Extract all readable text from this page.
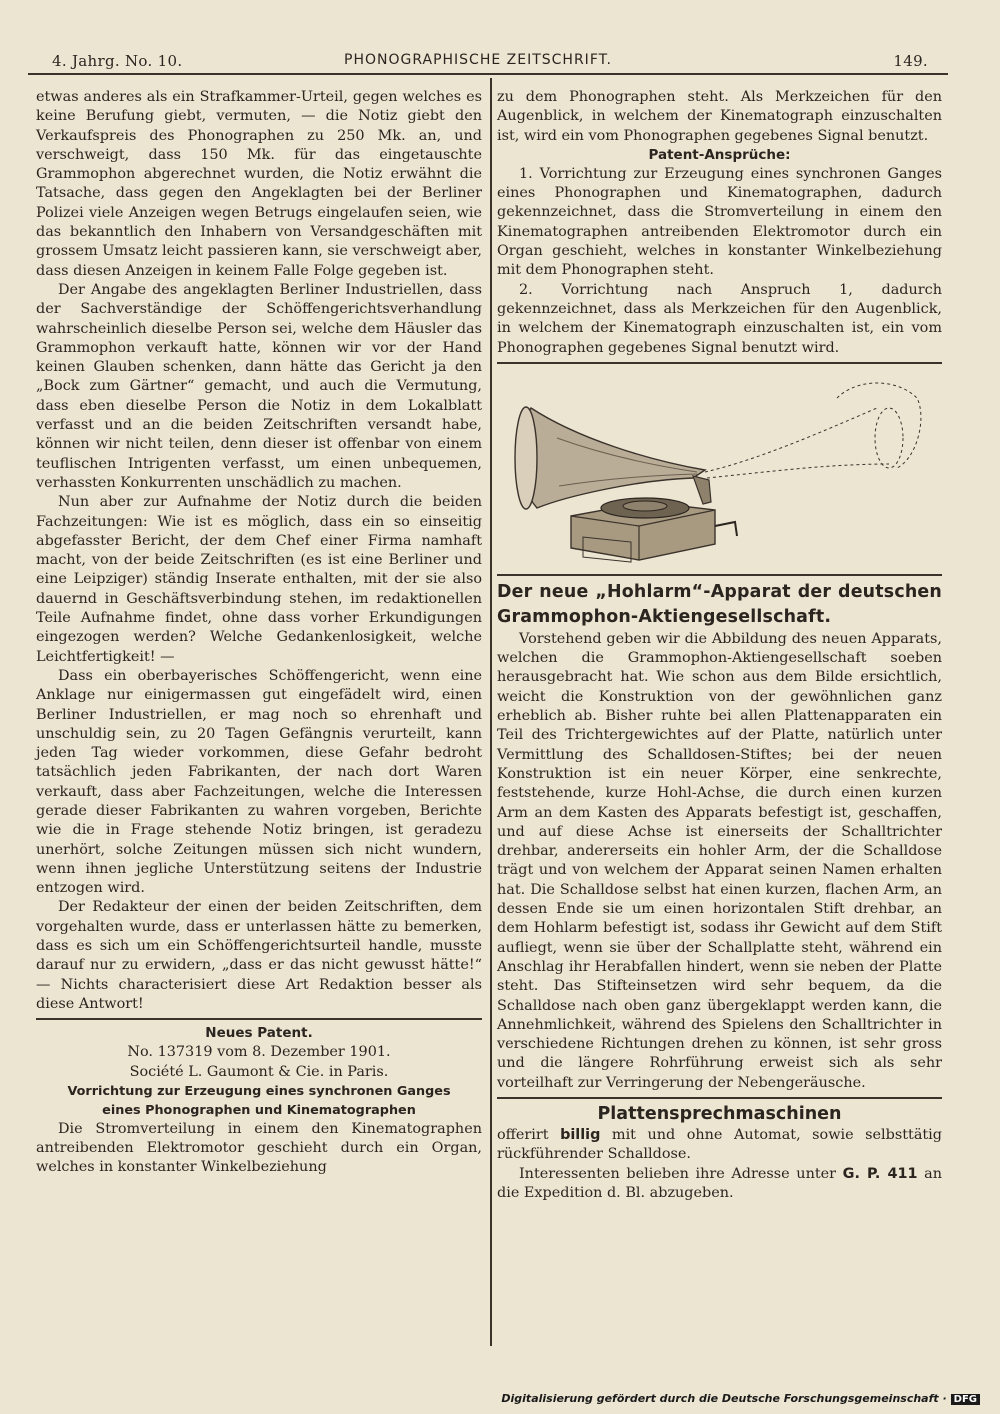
4. Jahrg. No. 10.	PHONOGRAPHISCHE ZEITSCHRIFT.	149.

etwas anderes als ein Strafkammer-Urteil, gegen welches es keine Berufung giebt, vermuten, — die Notiz giebt den Verkaufspreis des Phonographen zu 250 Mk. an, und verschweigt, dass 150 Mk. für das eingetauschte Grammophon abgerechnet wurden, die Notiz erwähnt die Tatsache, dass gegen den Angeklagten bei der Berliner Polizei viele Anzeigen wegen Betrugs eingelaufen seien, wie das bekanntlich den Inhabern von Versandgeschäften mit grossem Umsatz leicht passieren kann, sie verschweigt aber, dass diesen Anzeigen in keinem Falle Folge gegeben ist.

Der Angabe des angeklagten Berliner Industriellen, dass der Sachverständige der Schöffengerichtsverhandlung wahrscheinlich dieselbe Person sei, welche dem Häusler das Grammophon verkauft hatte, können wir vor der Hand keinen Glauben schenken, dann hätte das Gericht ja den „Bock zum Gärtner“ gemacht, und auch die Vermutung, dass eben dieselbe Person die Notiz in dem Lokalblatt verfasst und an die beiden Zeitschriften versandt habe, können wir nicht teilen, denn dieser ist offenbar von einem teuflischen Intrigenten verfasst, um einen unbequemen, verhassten Konkurrenten unschädlich zu machen.

Nun aber zur Aufnahme der Notiz durch die beiden Fachzeitungen: Wie ist es möglich, dass ein so einseitig abgefasster Bericht, der dem Chef einer Firma namhaft macht, von der beide Zeitschriften (es ist eine Berliner und eine Leipziger) ständig Inserate enthalten, mit der sie also dauernd in Geschäftsverbindung stehen, im redaktionellen Teile Aufnahme findet, ohne dass vorher Erkundigungen eingezogen werden? Welche Gedankenlosigkeit, welche Leichtfertigkeit! —

Dass ein oberbayerisches Schöffengericht, wenn eine Anklage nur einigermassen gut eingefädelt wird, einen Berliner Industriellen, er mag noch so ehrenhaft und unschuldig sein, zu 20 Tagen Gefängnis verurteilt, kann jeden Tag wieder vorkommen, diese Gefahr bedroht tatsächlich jeden Fabrikanten, der nach dort Waren verkauft, dass aber Fachzeitungen, welche die Interessen gerade dieser Fabrikanten zu wahren vorgeben, Berichte wie die in Frage stehende Notiz bringen, ist geradezu unerhört, solche Zeitungen müssen sich nicht wundern, wenn ihnen jegliche Unterstützung seitens der Industrie entzogen wird.

Der Redakteur der einen der beiden Zeitschriften, dem vorgehalten wurde, dass er unterlassen hätte zu bemerken, dass es sich um ein Schöffengerichtsurteil handle, musste darauf nur zu erwidern, „dass er das nicht gewusst hätte!“ — Nichts characterisiert diese Art Redaktion besser als diese Antwort!

Neues Patent.
No. 137319 vom 8. Dezember 1901.
Société L. Gaumont & Cie. in Paris.
Vorrichtung zur Erzeugung eines synchronen Ganges
eines Phonographen und Kinematographen

Die Stromverteilung in einem den Kinematographen antreibenden Elektromotor geschieht durch ein Organ, welches in konstanter Winkelbeziehung

zu dem Phonographen steht. Als Merkzeichen für den Augenblick, in welchem der Kinematograph einzuschalten ist, wird ein vom Phonographen gegebenes Signal benutzt.

Patent-Ansprüche:

1. Vorrichtung zur Erzeugung eines synchronen Ganges eines Phonographen und Kinematographen, dadurch gekennzeichnet, dass die Stromverteilung in einem den Kinematographen antreibenden Elektromotor durch ein Organ geschieht, welches in konstanter Winkelbeziehung mit dem Phonographen steht.

2. Vorrichtung nach Anspruch 1, dadurch gekennzeichnet, dass als Merkzeichen für den Augenblick, in welchem der Kinematograph einzuschalten ist, ein vom Phonographen gegebenes Signal benutzt wird.

Der neue „Hohlarm“-Apparat der deutschen Grammophon-Aktiengesellschaft.

Vorstehend geben wir die Abbildung des neuen Apparats, welchen die Grammophon-Aktiengesellschaft soeben herausgebracht hat. Wie schon aus dem Bilde ersichtlich, weicht die Konstruktion von der gewöhnlichen ganz erheblich ab. Bisher ruhte bei allen Plattenapparaten ein Teil des Trichtergewichtes auf der Platte, natürlich unter Vermittlung des Schalldosen-Stiftes; bei der neuen Konstruktion ist ein neuer Körper, eine senkrechte, feststehende, kurze Hohl-Achse, die durch einen kurzen Arm an dem Kasten des Apparats befestigt ist, geschaffen, und auf diese Achse ist einerseits der Schalltrichter drehbar, andererseits ein hohler Arm, der die Schalldose trägt und von welchem der Apparat seinen Namen erhalten hat. Die Schalldose selbst hat einen kurzen, flachen Arm, an dessen Ende sie um einen horizontalen Stift drehbar, an dem Hohlarm befestigt ist, sodass ihr Gewicht auf dem Stift aufliegt, wenn sie über der Schallplatte steht, während ein Anschlag ihr Herabfallen hindert, wenn sie neben der Platte steht. Das Stifteinsetzen wird sehr bequem, da die Schalldose nach oben ganz übergeklappt werden kann, die Annehmlichkeit, während des Spielens den Schalltrichter in verschiedene Richtungen drehen zu können, ist sehr gross und die längere Rohrführung erweist sich als sehr vorteilhaft zur Verringerung der Nebengeräusche.

Plattensprechmaschinen

offerirt billig mit und ohne Automat, sowie selbsttätig rückführender Schalldose.

Interessenten belieben ihre Adresse unter G. P. 411 an die Expedition d. Bl. abzugeben.

Digitalisierung gefördert durch die Deutsche Forschungsgemeinschaft · DFG
